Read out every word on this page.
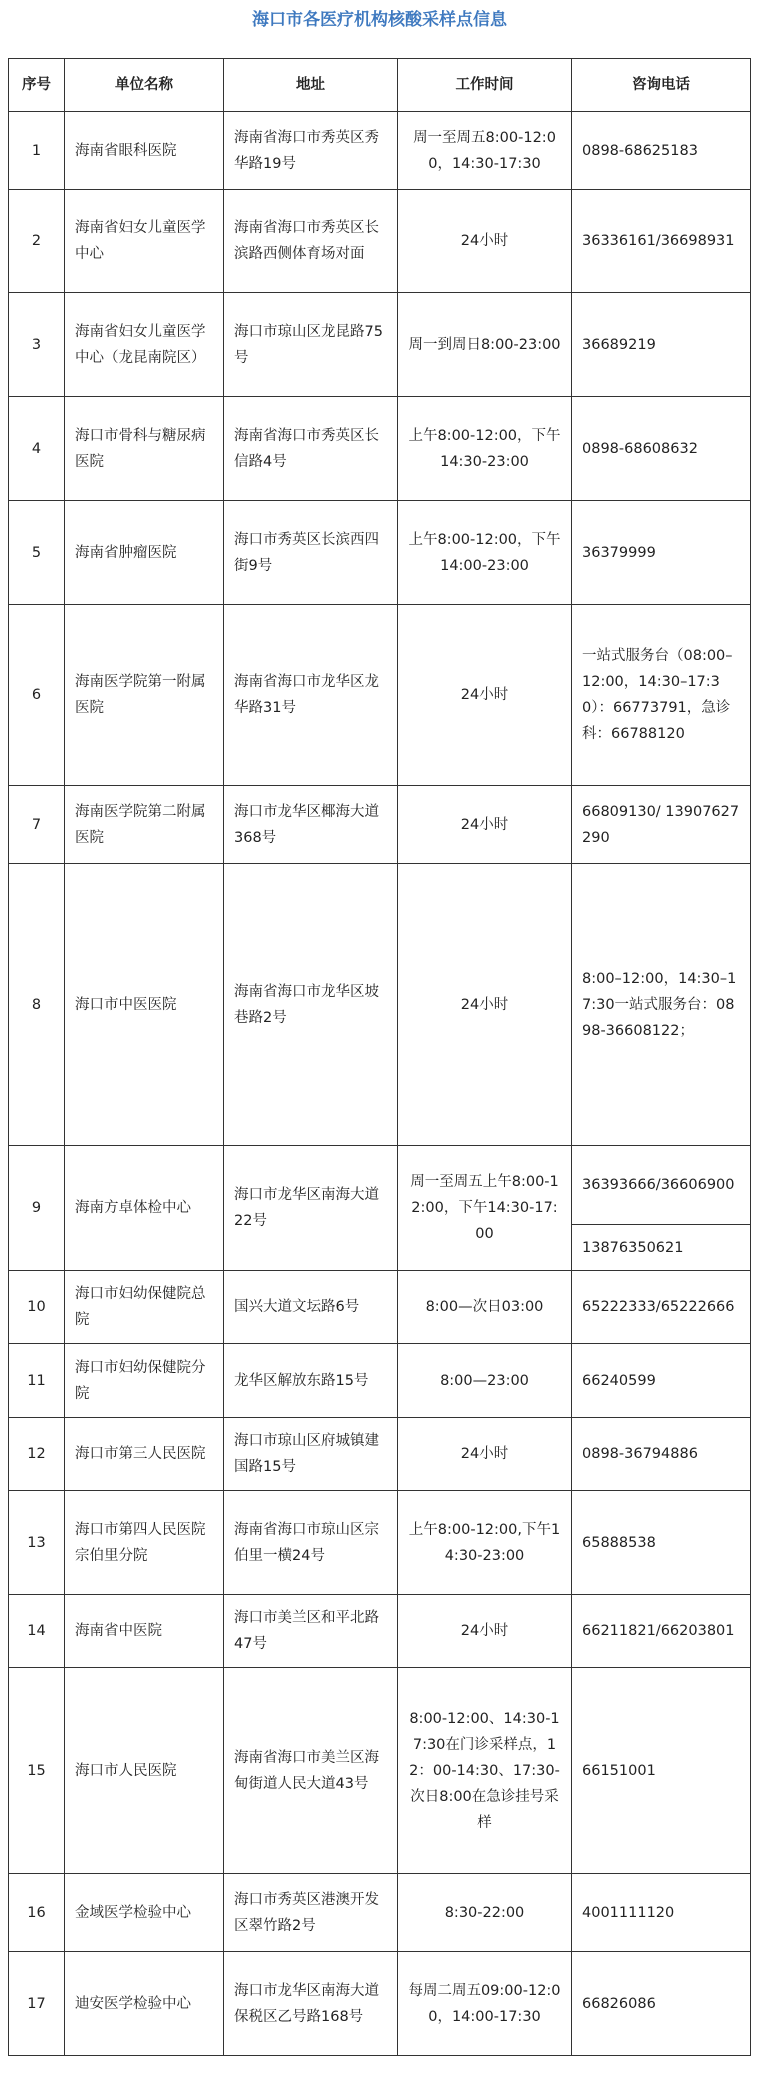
海口市各医疗机构核酸采样点信息
序号	单位名称	地址	工作时间	咨询电话
1	海南省眼科医院	海南省海口市秀英区秀华路19号	周一至周五8:00-12:00，14:30-17:30	0898-68625183
2	海南省妇女儿童医学中心	海南省海口市秀英区长滨路西侧体育场对面	24小时	36336161/36698931
3	海南省妇女儿童医学中心（龙昆南院区）	海口市琼山区龙昆路75号	周一到周日8:00-23:00	36689219
4	海口市骨科与糖尿病医院	海南省海口市秀英区长信路4号	上午8:00-12:00，下午14:30-23:00	0898-68608632
5	海南省肿瘤医院	海口市秀英区长滨西四街9号	上午8:00-12:00，下午14:00-23:00	36379999
6	海南医学院第一附属医院	海南省海口市龙华区龙华路31号	24小时	一站式服务台（08:00–12:00，14:30–17:30）：66773791，急诊科：66788120
7	海南医学院第二附属医院	海口市龙华区椰海大道368号	24小时	66809130/ 13907627290
8	海口市中医医院	海南省海口市龙华区坡巷路2号	24小时	8:00–12:00，14:30–17:30一站式服务台：0898-36608122；
9	海南方卓体检中心	海口市龙华区南海大道22号	周一至周五上午8:00-12:00，下午14:30-17:00	36393666/36606900
				13876350621
10	海口市妇幼保健院总院	国兴大道文坛路6号	8:00—次日03:00	65222333/65222666
11	海口市妇幼保健院分院	龙华区解放东路15号	8:00—23:00	66240599
12	海口市第三人民医院	海口市琼山区府城镇建国路15号	24小时	0898-36794886
13	海口市第四人民医院宗伯里分院	海南省海口市琼山区宗伯里一横24号	上午8:00-12:00,下午14:30-23:00	65888538
14	海南省中医院	海口市美兰区和平北路47号	24小时	66211821/66203801
15	海口市人民医院	海南省海口市美兰区海甸街道人民大道43号	8:00-12:00、14:30-17:30在门诊采样点，12：00-14:30、17:30-次日8:00在急诊挂号采样	66151001
16	金域医学检验中心	海口市秀英区港澳开发区翠竹路2号	8:30-22:00	4001111120
17	迪安医学检验中心	海口市龙华区南海大道保税区乙号路168号	每周二周五09:00-12:00，14:00-17:30	66826086
